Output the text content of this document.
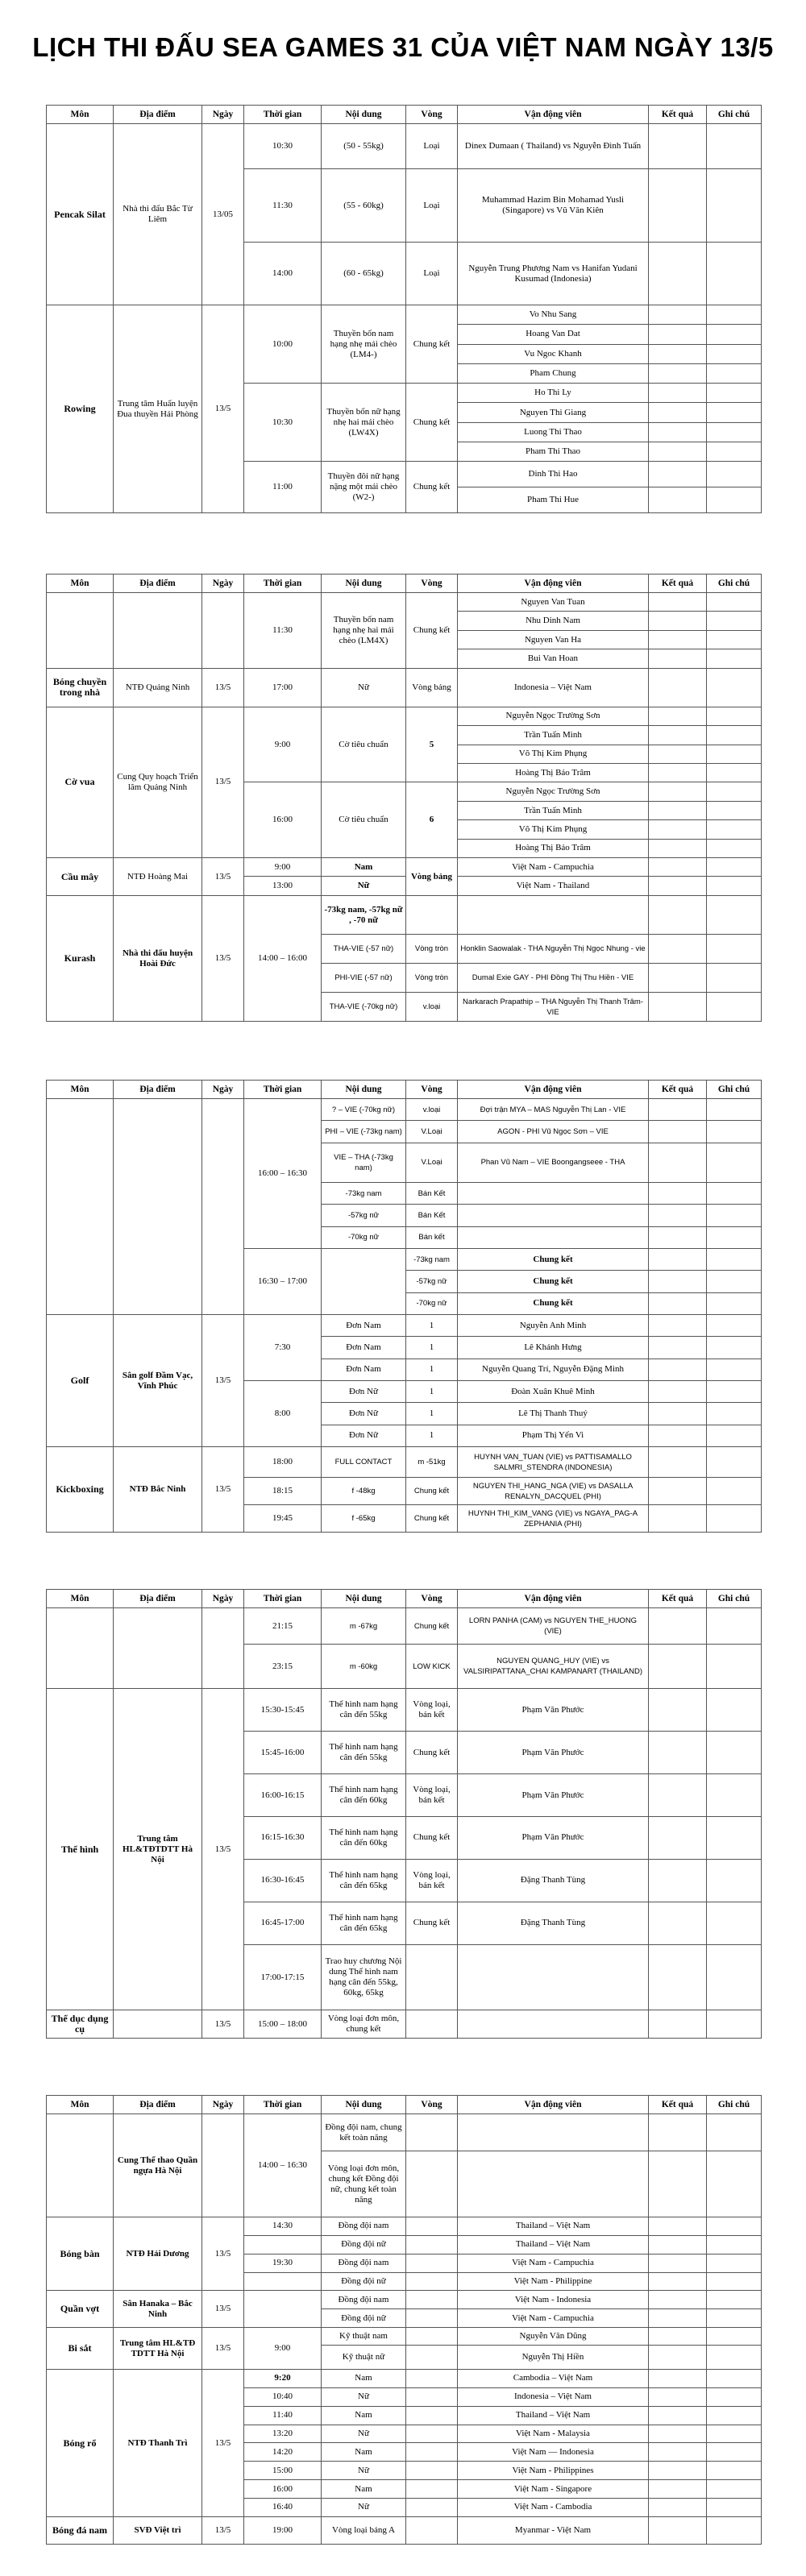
LỊCH THI ĐẤU SEA GAMES 31 CỦA VIỆT NAM NGÀY 13/5
Môn	Địa điểm	Ngày	Thời gian	Nội dung	Vòng	Vận động viên	Kết quả	Ghi chú
Pencak Silat	Nhà thi đấu Bắc Từ Liêm	13/05	10:30	(50 - 55kg)	Loại	Dinex Dumaan ( Thailand) vs Nguyễn Đình Tuấn		
			11:30	(55 - 60kg)	Loại	Muhammad Hazim Bin Mohamad Yusli (Singapore) vs Vũ Văn Kiên		
			14:00	(60 - 65kg)	Loại	Nguyễn Trung Phương Nam vs Hanifan Yudani Kusumad (Indonesia)		
Rowing	Trung tâm Huấn luyện Đua thuyền Hải Phòng	13/5	10:00	Thuyền bốn nam hạng nhẹ mái chèo (LM4-)	Chung kết	Vo Nhu Sang		
						Hoang Van Dat		
						Vu Ngoc Khanh		
						Pham Chung		
			10:30	Thuyền bốn nữ hạng nhẹ hai mái chèo (LW4X)	Chung kết	Ho Thi Ly		
						Nguyen Thi Giang		
						Luong Thi Thao		
						Pham Thi Thao		
			11:00	Thuyền đôi nữ hạng nặng một mái chèo (W2-)	Chung kết	Dinh Thi Hao		
						Pham Thi Hue		
Môn	Địa điểm	Ngày	Thời gian	Nội dung	Vòng	Vận động viên	Kết quả	Ghi chú
			11:30	Thuyền bốn nam hạng nhẹ hai mái chèo (LM4X)	Chung kết	Nguyen Van Tuan		
						Nhu Dinh Nam		
						Nguyen Van Ha		
						Bui Van Hoan		
Bóng chuyền trong nhà	NTĐ Quảng Ninh	13/5	17:00	Nữ	Vòng bảng	Indonesia – Việt Nam		
Cờ vua	Cung Quy hoạch Triển lãm Quảng Ninh	13/5	9:00	Cờ tiêu chuẩn	5	Nguyễn Ngọc Trường Sơn		
						Trần Tuấn Minh		
						Võ Thị Kim Phụng		
						Hoàng Thị Bảo Trâm		
			16:00	Cờ tiêu chuẩn	6	Nguyễn Ngọc Trường Sơn		
						Trần Tuấn Minh		
						Võ Thị Kim Phụng		
						Hoàng Thị Bảo Trâm		
Cầu mây	NTĐ Hoàng Mai	13/5	9:00	Nam	Vòng bảng	Việt Nam - Campuchia		
			13:00	Nữ		Việt Nam - Thailand		
Kurash	Nhà thi đấu huyện Hoài Đức	13/5	14:00 – 16:00	-73kg nam, -57kg nữ , -70 nữ				
				THA-VIE (-57 nữ)	Vòng tròn	Honklin Saowalak - THA Nguyễn Thị Ngọc Nhung - vie		
				PHI-VIE (-57 nữ)	Vòng tròn	Dumal Exie GAY - PHI Đồng Thị Thu Hiền - VIE		
				THA-VIE (-70kg nữ)	v.loại	Narkarach Prapathip – THA Nguyễn Thị Thanh Trâm-VIE		
Môn	Địa điểm	Ngày	Thời gian	Nội dung	Vòng	Vận động viên	Kết quả	Ghi chú
			16:00 – 16:30	? – VIE (-70kg nữ)	v.loại	Đợi trận MYA – MAS Nguyễn Thị Lan - VIE		
				PHI – VIE (-73kg nam)	V.Loại	AGON - PHI Vũ Ngọc Sơn – VIE		
				VIE – THA (-73kg nam)	V.Loại	Phan Vũ Nam – VIE Boongangseee - THA		
				-73kg nam	Bán Kết			
				-57kg nữ	Bán Kết			
				-70kg nữ	Bán kết			
			16:30 – 17:00		-73kg nam	Chung kết		
					-57kg nữ	Chung kết		
					-70kg nữ	Chung kết		
Golf	Sân golf Đầm Vạc, Vĩnh Phúc	13/5	7:30	Đơn Nam	1	Nguyễn Anh Minh		
				Đơn Nam	1	Lê Khánh Hưng		
				Đơn Nam	1	Nguyễn Quang Trí, Nguyễn Đặng Minh		
			8:00	Đơn Nữ	1	Đoàn Xuân Khuê Minh		
				Đơn Nữ	1	Lê Thị Thanh Thuý		
				Đơn Nữ	1	Phạm Thị Yến Vi		
Kickboxing	NTĐ Bắc Ninh	13/5	18:00	FULL CONTACT	m -51kg	HUYNH VAN_TUAN (VIE) vs PATTISAMALLO SALMRI_STENDRA (INDONESIA)		
			18:15	f -48kg	Chung kết	NGUYEN THI_HANG_NGA (VIE) vs DASALLA RENALYN_DACQUEL (PHI)		
			19:45	f -65kg	Chung kết	HUYNH THI_KIM_VANG (VIE) vs NGAYA_PAG-A ZEPHANIA (PHI)		
Môn	Địa điểm	Ngày	Thời gian	Nội dung	Vòng	Vận động viên	Kết quả	Ghi chú
			21:15	m -67kg	Chung kết	LORN PANHA (CAM) vs NGUYEN THE_HUONG (VIE)		
			23:15	m -60kg	LOW KICK	NGUYEN QUANG_HUY (VIE) vs VALSIRIPATTANA_CHAI KAMPANART (THAILAND)		
Thể hình	Trung tâm HL&TĐTDTT Hà Nội	13/5	15:30-15:45	Thể hình nam hạng cân đến 55kg	Vòng loại, bán kết	Phạm Văn Phước		
			15:45-16:00	Thể hình nam hạng cân đến 55kg	Chung kết	Phạm Văn Phước		
			16:00-16:15	Thể hình nam hạng cân đến 60kg	Vòng loại, bán kết	Phạm Văn Phước		
			16:15-16:30	Thể hình nam hạng cân đến 60kg	Chung kết	Phạm Văn Phước		
			16:30-16:45	Thể hình nam hạng cân đến 65kg	Vòng loại, bán kết	Đặng Thanh Tùng		
			16:45-17:00	Thể hình nam hạng cân đến 65kg	Chung kết	Đặng Thanh Tùng		
			17:00-17:15	Trao huy chương Nội dung Thể hình nam hạng cân đến 55kg, 60kg, 65kg				
Thể dục dụng cụ		13/5	15:00 – 18:00	Vòng loại đơn môn, chung kết				
Môn	Địa điểm	Ngày	Thời gian	Nội dung	Vòng	Vận động viên	Kết quả	Ghi chú
	Cung Thể thao Quần ngựa Hà Nội		14:00 – 16:30	Đồng đội nam, chung kết toàn năng				
				Vòng loại đơn môn, chung kết Đồng đội nữ, chung kết toàn năng				
Bóng bàn	NTĐ Hải Dương	13/5	14:30	Đồng đội nam		Thailand – Việt Nam		
				Đồng đội nữ		Thailand – Việt Nam		
			19:30	Đồng đội nam		Việt Nam - Campuchia		
				Đồng đội nữ		Việt Nam - Philippine		
Quần vợt	Sân Hanaka – Bắc Ninh	13/5		Đồng đội nam		Việt Nam - Indonesia		
				Đồng đội nữ		Việt Nam - Campuchia		
Bi sắt	Trung tâm HL&TĐ TDTT Hà Nội	13/5	9:00	Kỹ thuật nam		Nguyễn Văn Dũng		
				Kỹ thuật nữ		Nguyễn Thị Hiền		
Bóng rổ	NTĐ Thanh Trì	13/5	9:20	Nam		Cambodia – Việt Nam		
			10:40	Nữ		Indonesia – Việt Nam		
			11:40	Nam		Thailand – Việt Nam		
			13:20	Nữ		Việt Nam - Malaysia		
			14:20	Nam		Việt Nam — Indonesia		
			15:00	Nữ		Việt Nam - Philippines		
			16:00	Nam		Việt Nam - Singapore		
			16:40	Nữ		Việt Nam - Cambodia		
Bóng đá nam	SVĐ Việt trì	13/5	19:00	Vòng loại bảng A		Myanmar - Việt Nam		
